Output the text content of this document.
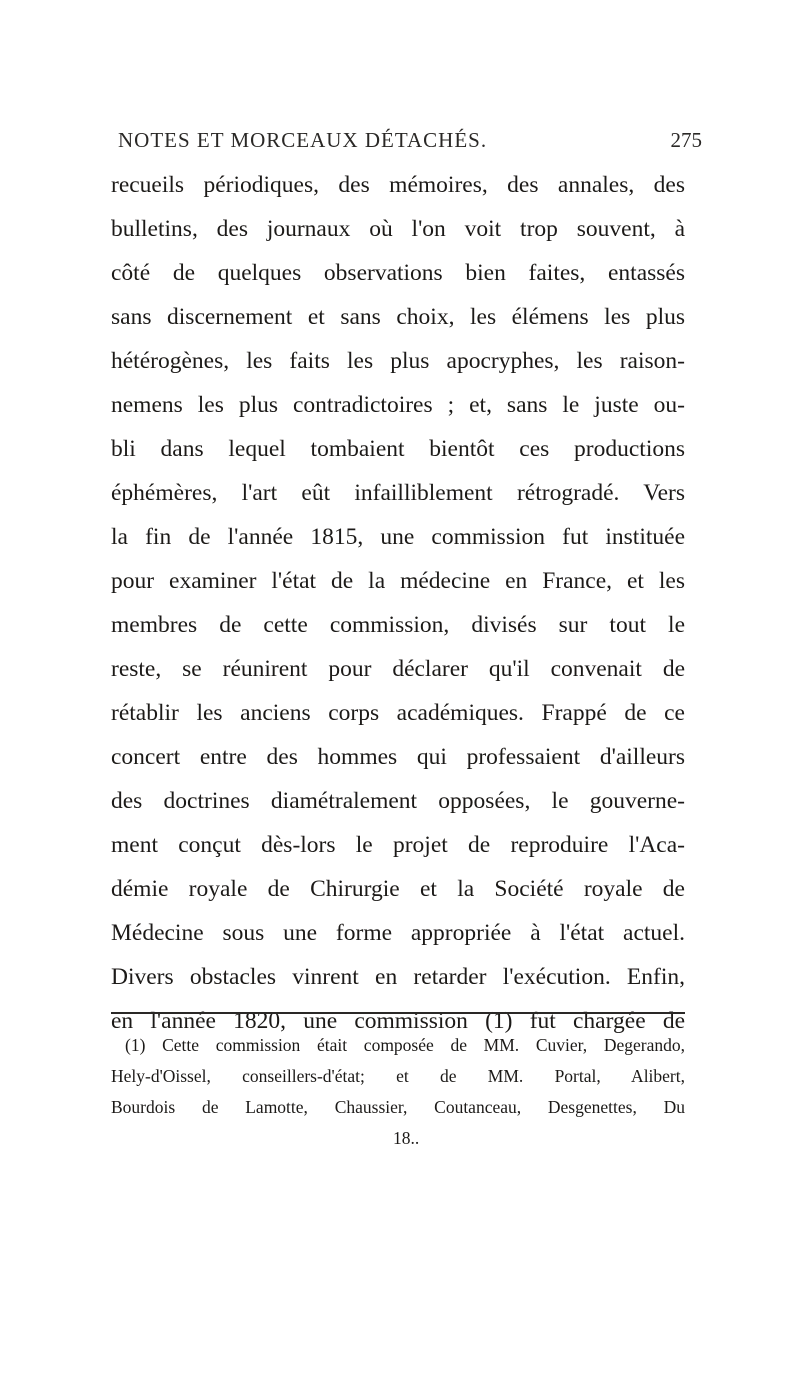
NOTES ET MORCEAUX DÉTACHÉS.	275
recueils périodiques, des mémoires, des annales, des
bulletins, des journaux où l'on voit trop souvent, à
côté de quelques observations bien faites, entassés
sans discernement et sans choix, les élémens les plus
hétérogènes, les faits les plus apocryphes, les raison-
nemens les plus contradictoires ; et, sans le juste ou-
bli dans lequel tombaient bientôt ces productions
éphémères, l'art eût infailliblement rétrogradé. Vers
la fin de l'année 1815, une commission fut instituée
pour examiner l'état de la médecine en France, et les
membres de cette commission, divisés sur tout le
reste, se réunirent pour déclarer qu'il convenait de
rétablir les anciens corps académiques. Frappé de ce
concert entre des hommes qui professaient d'ailleurs
des doctrines diamétralement opposées, le gouverne-
ment conçut dès-lors le projet de reproduire l'Aca-
démie royale de Chirurgie et la Société royale de
Médecine sous une forme appropriée à l'état actuel.
Divers obstacles vinrent en retarder l'exécution. Enfin,
en l'année 1820, une commission (1) fut chargée de
(1) Cette commission était composée de MM. Cuvier, Degerando,
Hely-d'Oissel, conseillers-d'état; et de MM. Portal, Alibert,
Bourdois de Lamotte, Chaussier, Coutanceau, Desgenettes, Du
18..
